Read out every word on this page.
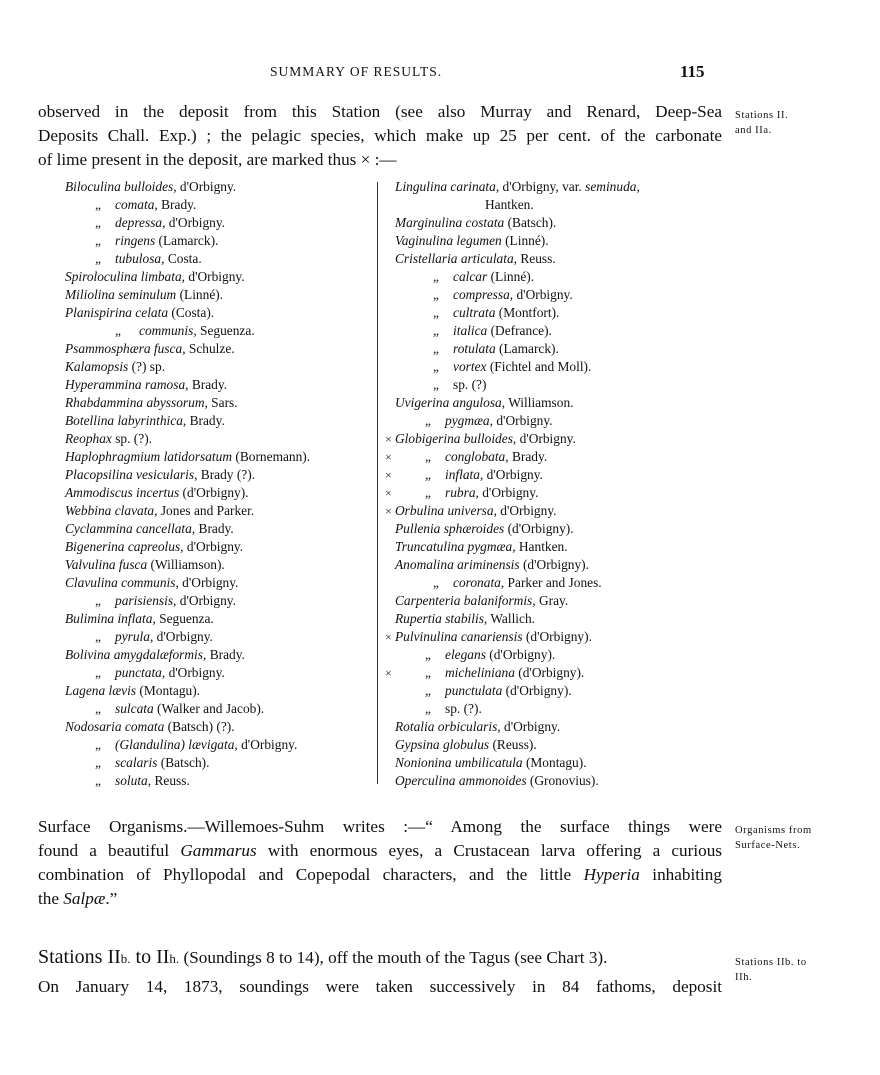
SUMMARY OF RESULTS.	115
observed in the deposit from this Station (see also Murray and Renard, Deep-Sea
Deposits Chall. Exp.) ; the pelagic species, which make up 25 per cent. of the carbonate
of lime present in the deposit, are marked thus × :—
Stations II.
and IIa.
Biloculina bulloides, d'Orbigny.
„ comata, Brady.
„ depressa, d'Orbigny.
„ ringens (Lamarck).
„ tubulosa, Costa.
Spiroloculina limbata, d'Orbigny.
Miliolina seminulum (Linné).
Planispirina celata (Costa).
„ communis, Seguenza.
Psammosphæra fusca, Schulze.
Kalamopsis (?) sp.
Hyperammina ramosa, Brady.
Rhabdammina abyssorum, Sars.
Botellina labyrinthica, Brady.
Reophax sp. (?).
Haplophragmium latidorsatum (Bornemann).
Placopsilina vesicularis, Brady (?).
Ammodiscus incertus (d'Orbigny).
Webbina clavata, Jones and Parker.
Cyclammina cancellata, Brady.
Bigenerina capreolus, d'Orbigny.
Valvulina fusca (Williamson).
Clavulina communis, d'Orbigny.
„ parisiensis, d'Orbigny.
Bulimina inflata, Seguenza.
„ pyrula, d'Orbigny.
Bolivina amygdalæformis, Brady.
„ punctata, d'Orbigny.
Lagena lævis (Montagu).
„ sulcata (Walker and Jacob).
Nodosaria comata (Batsch) (?).
„ (Glandulina) lævigata, d'Orbigny.
„ scalaris (Batsch).
„ soluta, Reuss.
Lingulina carinata, d'Orbigny, var. seminuda,
Hantken.
Marginulina costata (Batsch).
Vaginulina legumen (Linné).
Cristellaria articulata, Reuss.
„ calcar (Linné).
„ compressa, d'Orbigny.
„ cultrata (Montfort).
„ italica (Defrance).
„ rotulata (Lamarck).
„ vortex (Fichtel and Moll).
„ sp. (?)
Uvigerina angulosa, Williamson.
„ pygmæa, d'Orbigny.
× Globigerina bulloides, d'Orbigny.
× „ conglobata, Brady.
× „ inflata, d'Orbigny.
× „ rubra, d'Orbigny.
× Orbulina universa, d'Orbigny.
Pullenia sphæroides (d'Orbigny).
Truncatulina pygmæa, Hantken.
Anomalina ariminensis (d'Orbigny).
„ coronata, Parker and Jones.
Carpenteria balaniformis, Gray.
Rupertia stabilis, Wallich.
× Pulvinulina canariensis (d'Orbigny).
„ elegans (d'Orbigny).
× „ micheliniana (d'Orbigny).
„ punctulata (d'Orbigny).
„ sp. (?).
Rotalia orbicularis, d'Orbigny.
Gypsina globulus (Reuss).
Nonionina umbilicatula (Montagu).
Operculina ammonoides (Gronovius).
Surface Organisms.—Willemoes-Suhm writes :—“ Among the surface things were
found a beautiful Gammarus with enormous eyes, a Crustacean larva offering a curious
combination of Phyllopodal and Copepodal characters, and the little Hyperia inhabiting
the Salpæ.”
Organisms from
Surface-Nets.
Stations IIb. to IIh. (Soundings 8 to 14), off the mouth of the Tagus (see Chart 3).
On January 14, 1873, soundings were taken successively in 84 fathoms, deposit
Stations IIb. to
IIh.
